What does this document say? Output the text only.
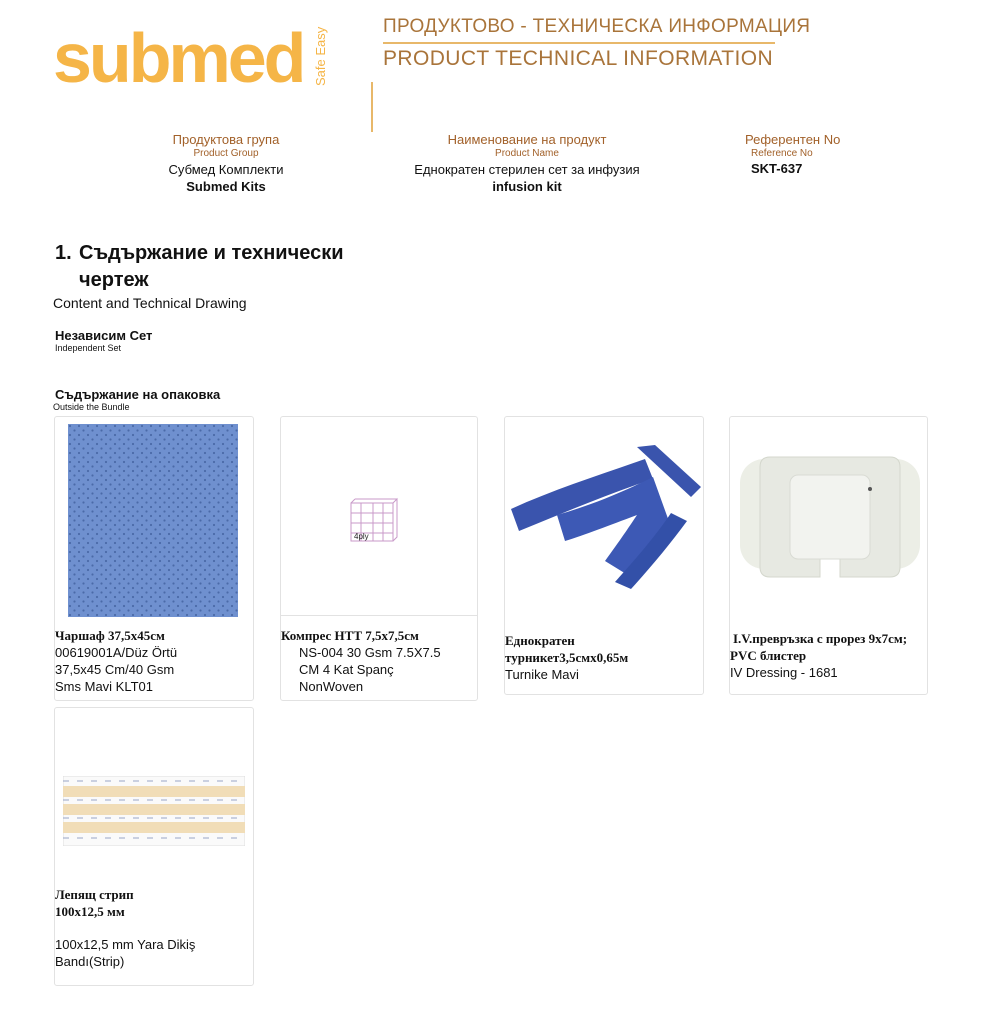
submed Safe Easy
ПРОДУКТОВО - ТЕХНИЧЕСКА ИНФОРМАЦИЯ
PRODUCT TECHNICAL INFORMATION
Продуктова група
Product Group
Субмед Комплекти
Submed Kits
Наименование на продукт
Product Name
Еднократен стерилен сет за инфузия
infusion kit
Референтен No
Reference No
SKT-637
1. Съдържание и технически
чертеж
Content and Technical Drawing
Независим Сет
Independent Set
Съдържание на опаковка
Outside the Bundle
Чаршаф 37,5х45см
00619001A/Düz Örtü
37,5x45 Cm/40 Gsm
Sms Mavi KLT01
4ply
Компрес НТТ 7,5х7,5см
NS-004 30 Gsm 7.5X7.5
CM 4 Kat Spanç
NonWoven
Еднократен
турникет3,5смх0,65м
Turnike Mavi
I.V.превръзка с прорез 9х7см;
PVC блистер
IV Dressing - 1681
Лепящ стрип
100х12,5 мм
100x12,5 mm Yara Dikiş
Bandı(Strip)
